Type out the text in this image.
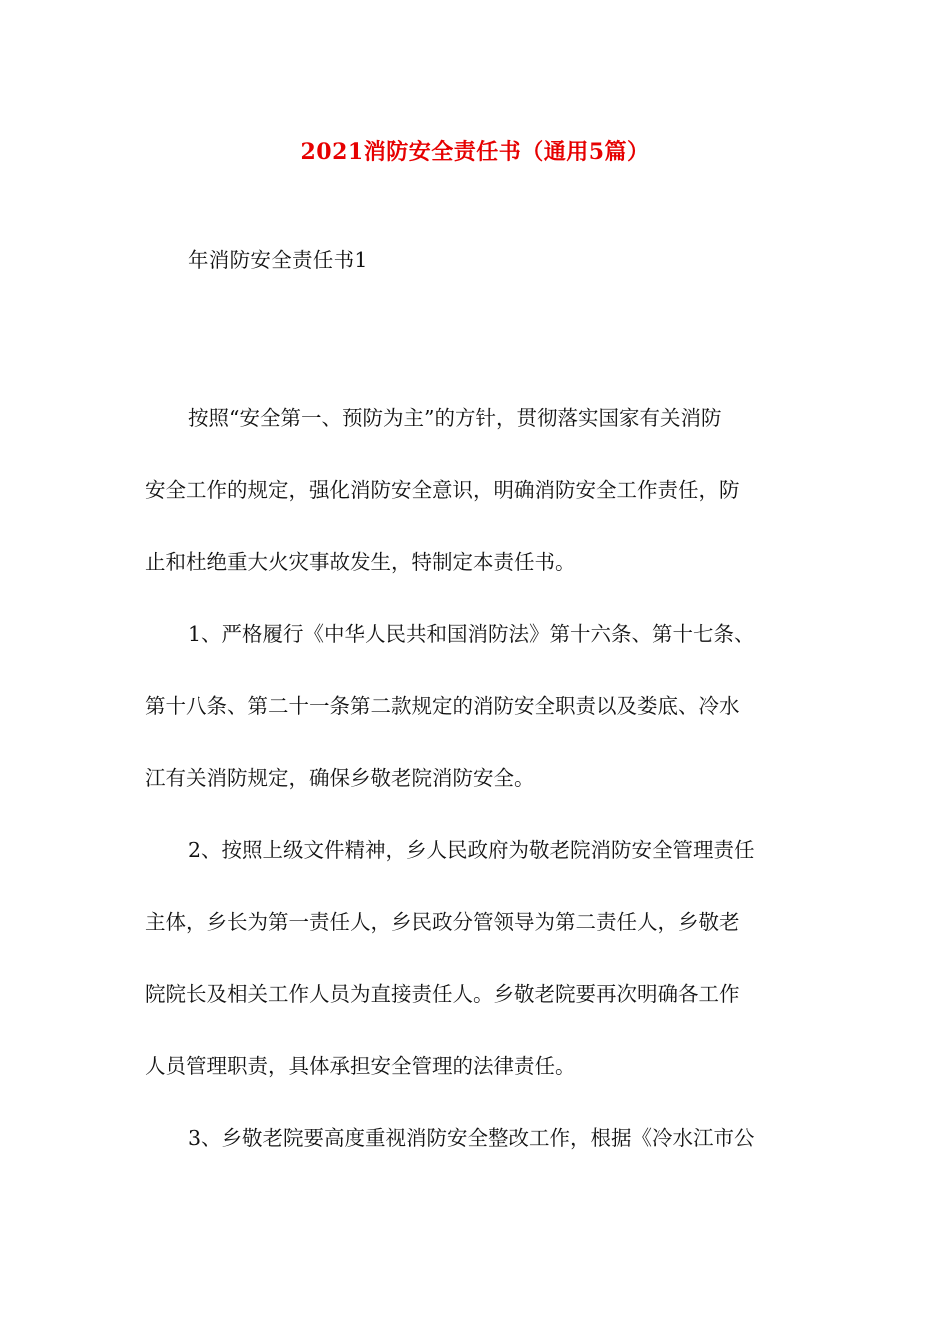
2021消防安全责任书（通用5篇）
年消防安全责任书1
按照“安全第一、预防为主”的方针，贯彻落实国家有关消防
安全工作的规定，强化消防安全意识，明确消防安全工作责任，防
止和杜绝重大火灾事故发生，特制定本责任书。
1、严格履行《中华人民共和国消防法》第十六条、第十七条、
第十八条、第二十一条第二款规定的消防安全职责以及娄底、冷水
江有关消防规定，确保乡敬老院消防安全。
2、按照上级文件精神，乡人民政府为敬老院消防安全管理责任
主体，乡长为第一责任人，乡民政分管领导为第二责任人，乡敬老
院院长及相关工作人员为直接责任人。乡敬老院要再次明确各工作
人员管理职责，具体承担安全管理的法律责任。
3、乡敬老院要高度重视消防安全整改工作，根据《冷水江市公
